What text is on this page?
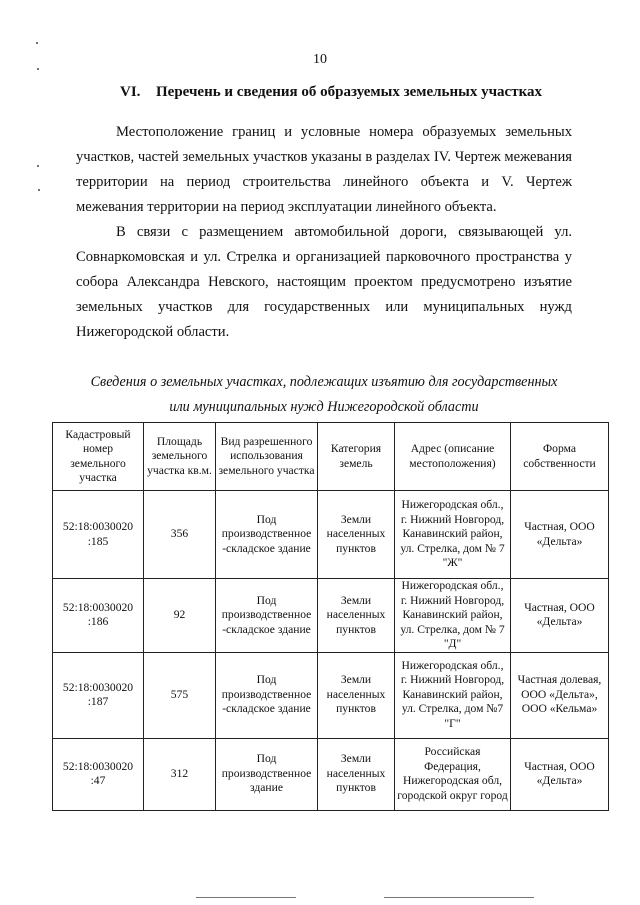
10
VI. Перечень и сведения об образуемых земельных участках

Местоположение границ и условные номера образуемых земельных участков, частей земельных участков указаны в разделах IV. Чертеж межевания территории на период строительства линейного объекта и V. Чертеж межевания территории на период эксплуатации линейного объекта.

В связи с размещением автомобильной дороги, связывающей ул. Совнаркомовская и ул. Стрелка и организацией парковочного пространства у собора Александра Невского, настоящим проектом предусмотрено изъятие земельных участков для государственных или муниципальных нужд Нижегородской области.

Сведения о земельных участках, подлежащих изъятию для государственных
или муниципальных нужд Нижегородской области
Кадастровый номер земельного участка	Площадь земельного участка кв.м.	Вид разрешенного использования земельного участка	Категория земель	Адрес (описание местоположения)	Форма собственности
52:18:0030020 :185	356	Под производственное -складское здание	Земли населенных пунктов	Нижегородская обл., г. Нижний Новгород, Канавинский район, ул. Стрелка, дом № 7 "Ж"	Частная, ООО «Дельта»
52:18:0030020 :186	92	Под производственное -складское здание	Земли населенных пунктов	Нижегородская обл., г. Нижний Новгород, Канавинский район, ул. Стрелка, дом № 7 "Д"	Частная, ООО «Дельта»
52:18:0030020 :187	575	Под производственное -складское здание	Земли населенных пунктов	Нижегородская обл., г. Нижний Новгород, Канавинский район, ул. Стрелка, дом №7 "Г"	Частная долевая, ООО «Дельта», ООО «Кельма»
52:18:0030020 :47	312	Под производственное здание	Земли населенных пунктов	Российская Федерация, Нижегородская обл, городской округ город	Частная, ООО «Дельта»
